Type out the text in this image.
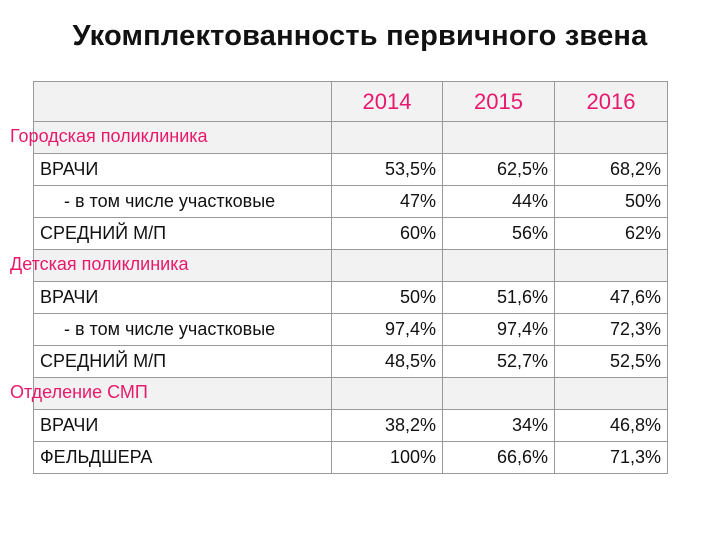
Укомплектованность первичного звена
	2014	2015	2016

Городская поликлиника			

ВРАЧИ	53,5%	62,5%	68,2%
- в том числе участковые	47%	44%	50%
СРЕДНИЙ М/П	60%	56%	62%

Детская поликлиника			

ВРАЧИ	50%	51,6%	47,6%
- в том числе участковые	97,4%	97,4%	72,3%
СРЕДНИЙ М/П	48,5%	52,7%	52,5%

Отделение СМП			

ВРАЧИ	38,2%	34%	46,8%
ФЕЛЬДШЕРА	100%	66,6%	71,3%
